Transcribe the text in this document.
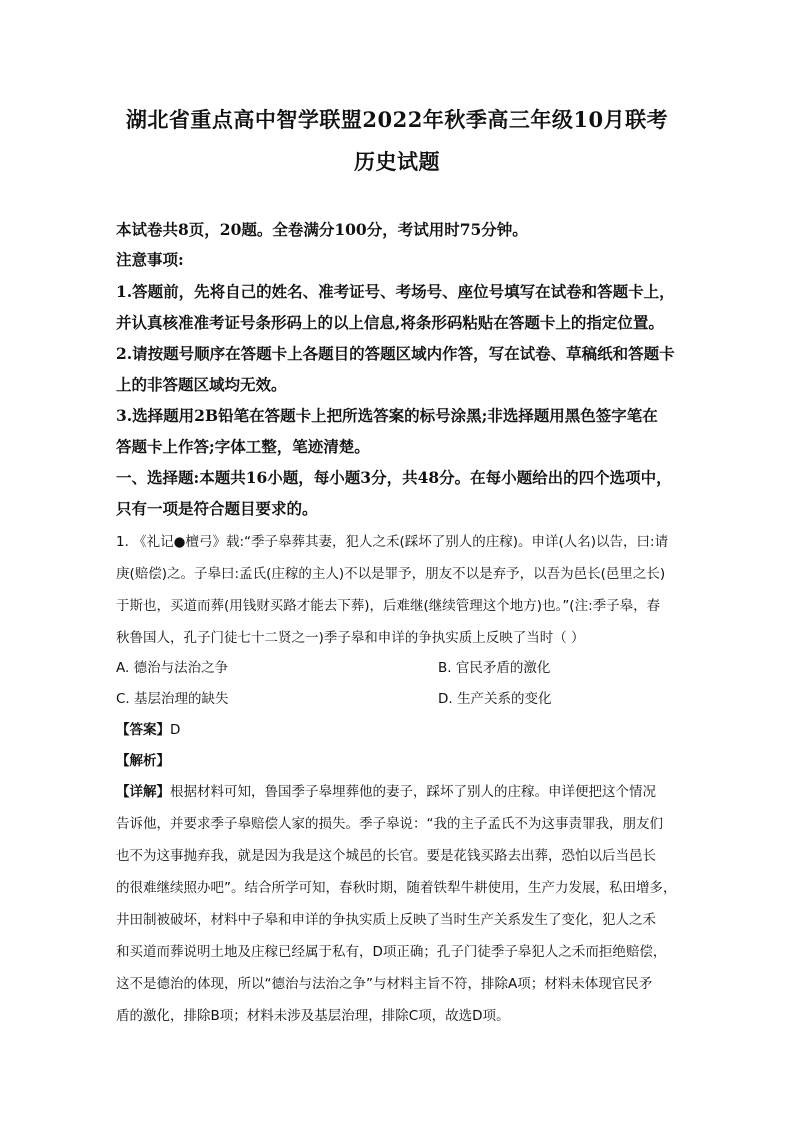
湖北省重点高中智学联盟2022年秋季高三年级10月联考
历史试题
本试卷共8页，20题。全卷满分100分，考试用时75分钟。
注意事项:
1.答题前，先将自己的姓名、准考证号、考场号、座位号填写在试卷和答题卡上，
并认真核准准考证号条形码上的以上信息,将条形码粘贴在答题卡上的指定位置。
2.请按题号顺序在答题卡上各题目的答题区域内作答，写在试卷、草稿纸和答题卡
上的非答题区域均无效。
3.选择题用2B铅笔在答题卡上把所选答案的标号涂黑;非选择题用黑色签字笔在
答题卡上作答;字体工整，笔迹清楚。
一、选择题:本题共16小题，每小题3分，共48分。在每小题给出的四个选项中，
只有一项是符合题目要求的。
1. 《礼记●檀弓》载:“季子皋葬其妻，犯人之禾(踩坏了别人的庄稼)。申详(人名)以告，曰:请
庚(赔偿)之。子皋曰:孟氏(庄稼的主人)不以是罪予，朋友不以是弃予，以吾为邑长(邑里之长)
于斯也，买道而葬(用钱财买路才能去下葬)，后难继(继续管理这个地方)也。”(注:季子皋，春
秋鲁国人，孔子门徒七十二贤之一)季子皋和申详的争执实质上反映了当时（ ）
A. 德治与法治之争	B. 官民矛盾的激化
C. 基层治理的缺失	D. 生产关系的变化
【答案】D
【解析】
【详解】根据材料可知，鲁国季子皋埋葬他的妻子，踩坏了别人的庄稼。申详便把这个情况
告诉他，并要求季子皋赔偿人家的损失。季子皋说：“我的主子孟氏不为这事责罪我，朋友们
也不为这事抛弃我，就是因为我是这个城邑的长官。要是花钱买路去出葬，恐怕以后当邑长
的很难继续照办吧”。结合所学可知，春秋时期，随着铁犁牛耕使用，生产力发展，私田增多，
井田制被破坏，材料中子皋和申详的争执实质上反映了当时生产关系发生了变化，犯人之禾
和买道而葬说明土地及庄稼已经属于私有，D项正确；孔子门徒季子皋犯人之禾而拒绝赔偿，
这不是德治的体现，所以“德治与法治之争”与材料主旨不符，排除A项；材料未体现官民矛
盾的激化，排除B项；材料未涉及基层治理，排除C项，故选D项。
